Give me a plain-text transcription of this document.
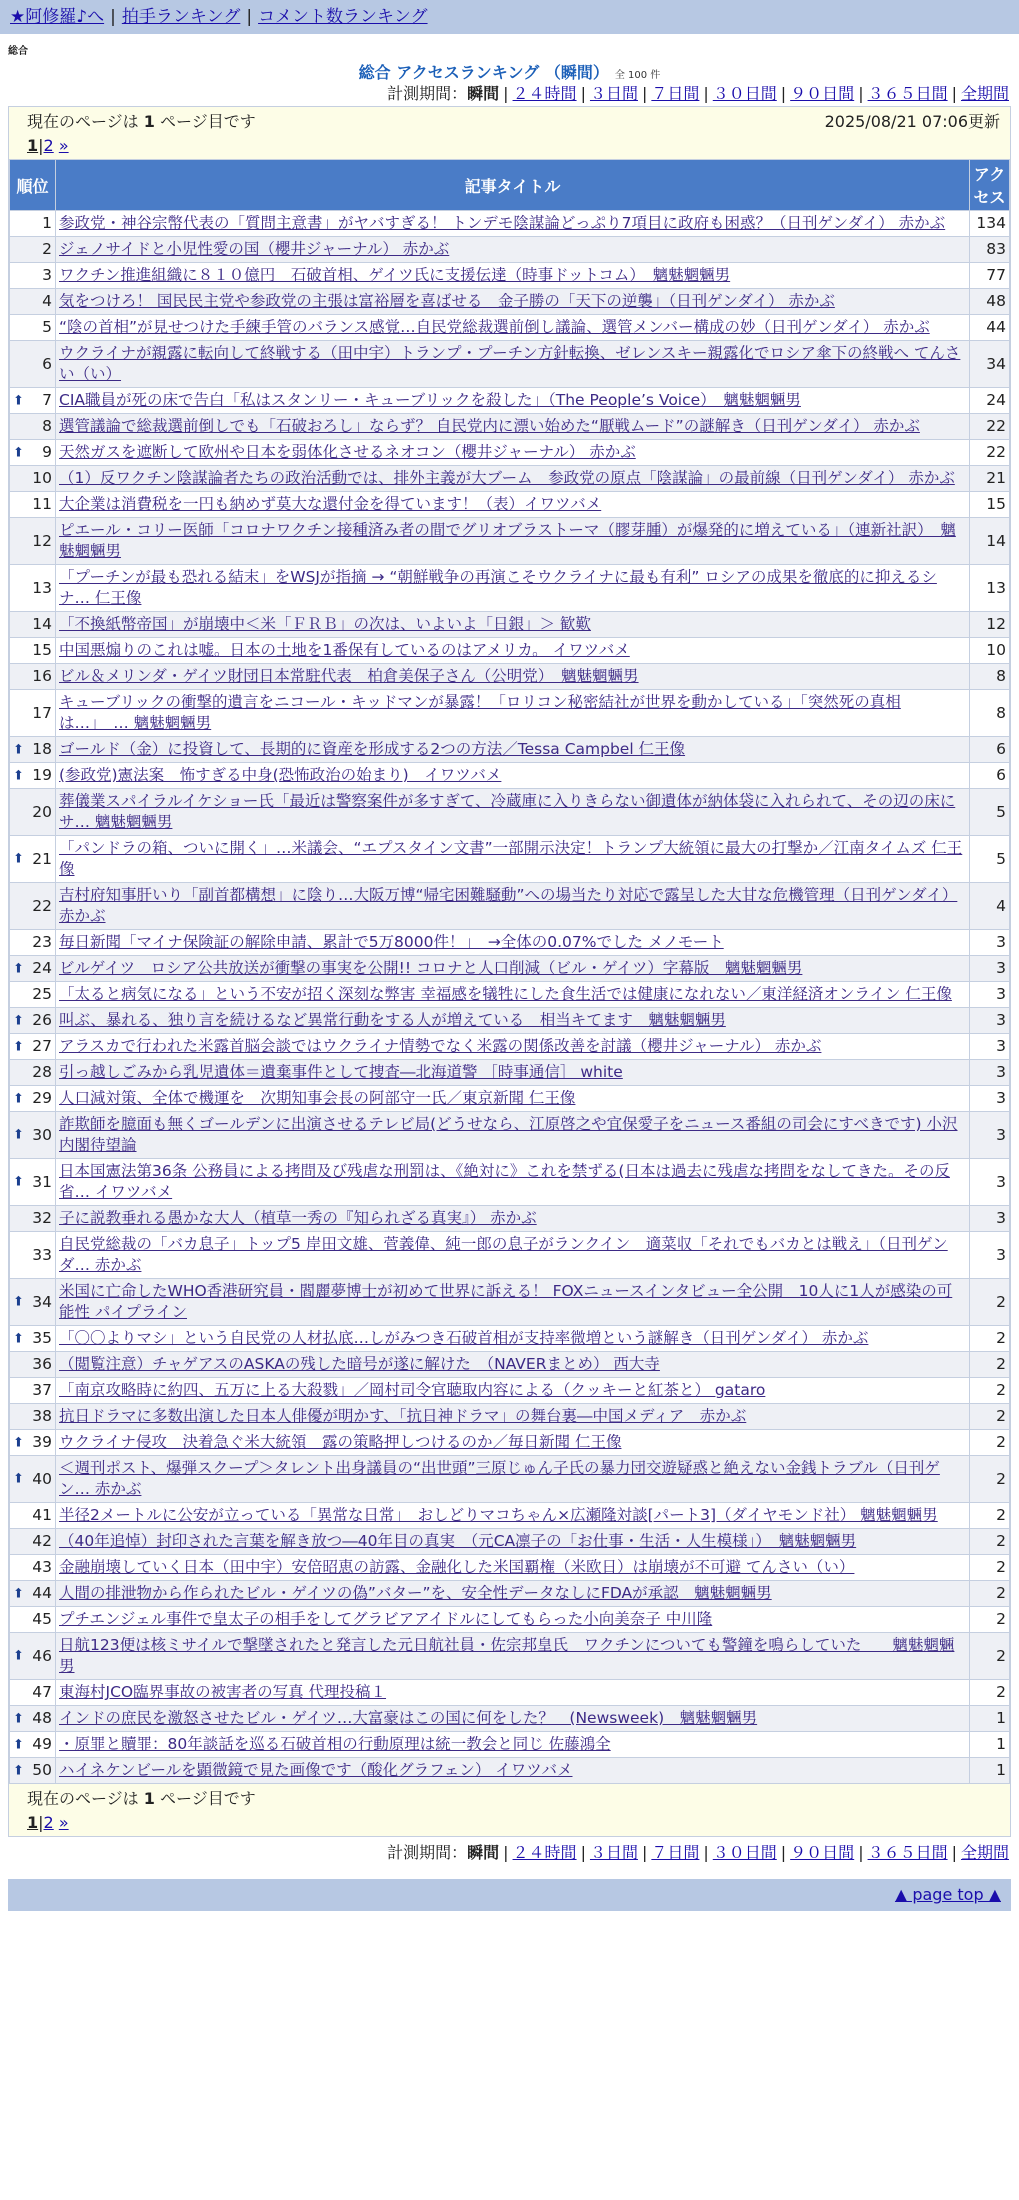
★阿修羅♪へ | 拍手ランキング | コメント数ランキング
総合
総合 アクセスランキング （瞬間） 全 100 件
計測期間：瞬間 | ２４時間 | ３日間 | ７日間 | ３０日間 | ９０日間 | ３６５日間 | 全期間
現在のページは 1 ページ目です	2025/08/21 07:06更新
1|2 »
順位	記事タイトル	アクセス
1	参政党・神谷宗幣代表の「質問主意書」がヤバすぎる！ トンデモ陰謀論どっぷり7項目に政府も困惑？（日刊ゲンダイ） 赤かぶ	134
2	ジェノサイドと小児性愛の国（櫻井ジャーナル） 赤かぶ	83
3	ワクチン推進組織に８１０億円　石破首相、ゲイツ氏に支援伝達（時事ドットコム）　魑魅魍魎男	77
4	気をつけろ！ 国民民主党や参政党の主張は富裕層を喜ばせる　金子勝の「天下の逆襲」（日刊ゲンダイ） 赤かぶ	48
5	“陰の首相”が見せつけた手練手管のバランス感覚…自民党総裁選前倒し議論、選管メンバー構成の妙（日刊ゲンダイ） 赤かぶ	44
6	ウクライナが親露に転向して終戦する（田中宇）トランプ・プーチン方針転換、ゼレンスキー親露化でロシア傘下の終戦へ てんさい（い）	34

⬆ 7	CIA職員が死の床で告白「私はスタンリー・キューブリックを殺した」（The People’s Voice）　魑魅魍魎男	24
8	選管議論で総裁選前倒しでも「石破おろし」ならず？ 自民党内に漂い始めた“厭戦ムード”の謎解き（日刊ゲンダイ） 赤かぶ	22

⬆ 9	天然ガスを遮断して欧州や日本を弱体化させるネオコン（櫻井ジャーナル） 赤かぶ	22
10	（1）反ワクチン陰謀論者たちの政治活動では、排外主義が大ブーム　参政党の原点「陰謀論」の最前線（日刊ゲンダイ） 赤かぶ	21
11	大企業は消費税を一円も納めず莫大な還付金を得ています！（表）イワツバメ	15
12	ピエール・コリー医師「コロナワクチン接種済み者の間でグリオブラストーマ（膠芽腫）が爆発的に増えている」（連新社訳）　魑魅魍魎男	14
13	「プーチンが最も恐れる結末」をWSJが指摘 → “朝鮮戦争の再演こそウクライナに最も有利” ロシアの成果を徹底的に抑えるシナ… 仁王像	13
14	「不換紙幣帝国」が崩壊中＜米「ＦＲＢ」の次は、いよいよ「日銀」＞ 歓歎	12
15	中国悪煽りのこれは嘘。日本の土地を1番保有しているのはアメリカ。 イワツバメ	10
16	ビル＆メリンダ・ゲイツ財団日本常駐代表　柏倉美保子さん（公明党）　魑魅魍魎男	8
17	キューブリックの衝撃的遺言をニコール・キッドマンが暴露！「ロリコン秘密結社が世界を動かしている」「突然死の真相は…」　… 魑魅魍魎男	8

⬆ 18	ゴールド（金）に投資して、長期的に資産を形成する2つの方法／Tessa Campbel 仁王像	6

⬆ 19	(参政党)憲法案　怖すぎる中身(恐怖政治の始まり)　イワツバメ	6
20	葬儀業スパイラルイケショー氏「最近は警察案件が多すぎて、冷蔵庫に入りきらない御遺体が納体袋に入れられて、その辺の床にサ… 魑魅魍魎男	5

⬆ 21	「パンドラの箱、ついに開く」…米議会、“エプスタイン文書”一部開示決定！トランプ大統領に最大の打撃か／江南タイムズ 仁王像	5
22	吉村府知事肝いり「副首都構想」に陰り…大阪万博“帰宅困難騒動”への場当たり対応で露呈した大甘な危機管理（日刊ゲンダイ） 赤かぶ	4
23	毎日新聞「マイナ保険証の解除申請、累計で5万8000件！」　→全体の0.07%でした メノモート	3

⬆ 24	ビルゲイツ　ロシア公共放送が衝撃の事実を公開!! コロナと人口削減（ビル・ゲイツ）字幕版　魑魅魍魎男	3
25	「太ると病気になる」という不安が招く深刻な弊害 幸福感を犠牲にした食生活では健康になれない／東洋経済オンライン 仁王像	3

⬆ 26	叫ぶ、暴れる、独り言を続けるなど異常行動をする人が増えている　相当キてます　魑魅魍魎男	3

⬆ 27	アラスカで行われた米露首脳会談ではウクライナ情勢でなく米露の関係改善を討議（櫻井ジャーナル） 赤かぶ	3
28	引っ越しごみから乳児遺体＝遺棄事件として捜査―北海道警 ［時事通信］ white	3

⬆ 29	人口減対策、全体で機運を　次期知事会長の阿部守一氏／東京新聞 仁王像	3

⬆ 30	詐欺師を臆面も無くゴールデンに出演させるテレビ局(どうせなら、江原啓之や宜保愛子をニュース番組の司会にすべきです) 小沢内閣待望論	3

⬆ 31	日本国憲法第36条 公務員による拷問及び残虐な刑罰は、《絶対に》これを禁ずる(日本は過去に残虐な拷問をなしてきた。その反省… イワツバメ	3
32	子に説教垂れる愚かな大人（植草一秀の『知られざる真実』） 赤かぶ	3
33	自民党総裁の「バカ息子」トップ5 岸田文雄、菅義偉、純一郎の息子がランクイン　適菜収「それでもバカとは戦え」（日刊ゲンダ… 赤かぶ	3

⬆ 34	米国に亡命したWHO香港研究員・閻麗夢博士が初めて世界に訴える！ FOXニュースインタビュー全公開　10人に1人が感染の可能性 パイプライン	2

⬆ 35	「〇〇よりマシ」という自民党の人材払底…しがみつき石破首相が支持率微増という謎解き（日刊ゲンダイ） 赤かぶ	2
36	（閲覧注意）チャゲアスのASKAの残した暗号が遂に解けた　（NAVERまとめ） 西大寺	2
37	「南京攻略時に約四、五万に上る大殺戮」／岡村司令官聴取内容による（クッキーと紅茶と） gataro	2
38	抗日ドラマに多数出演した日本人俳優が明かす、「抗日神ドラマ」の舞台裏―中国メディア　赤かぶ	2

⬆ 39	ウクライナ侵攻　決着急ぐ米大統領　露の策略押しつけるのか／毎日新聞 仁王像	2

⬆ 40	＜週刊ポスト、爆弾スクープ＞タレント出身議員の“出世頭”三原じゅん子氏の暴力団交遊疑惑と絶えない金銭トラブル（日刊ゲン… 赤かぶ	2
41	半径2メートルに公安が立っている「異常な日常」　おしどりマコちゃん×広瀬隆対談[パート3]（ダイヤモンド社） 魑魅魍魎男	2
42	（40年追悼）封印された言葉を解き放つ―40年目の真実　（元CA凛子の「お仕事・生活・人生模様」）　魑魅魍魎男	2
43	金融崩壊していく日本（田中宇）安倍昭恵の訪露、金融化した米国覇権（米欧日）は崩壊が不可避 てんさい（い）	2

⬆ 44	人間の排泄物から作られたビル・ゲイツの偽”バター”を、安全性データなしにFDAが承認　魑魅魍魎男	2
45	プチエンジェル事件で皇太子の相手をしてグラビアアイドルにしてもらった小向美奈子 中川隆	2

⬆ 46	日航123便は核ミサイルで撃墜されたと発言した元日航社員・佐宗邦皇氏　ワクチンについても警鐘を鳴らしていた　　魑魅魍魎男	2
47	東海村JCO臨界事故の被害者の写真 代理投稿１	2

⬆ 48	インドの庶民を激怒させたビル・ゲイツ…大富豪はこの国に何をした？　(Newsweek)　魑魅魍魎男	1

⬆ 49	・原罪と贖罪：80年談話を巡る石破首相の行動原理は統一教会と同じ 佐藤鴻全	1

⬆ 50	ハイネケンビールを顕微鏡で見た画像です（酸化グラフェン） イワツバメ	1
現在のページは 1 ページ目です
1|2 »
計測期間：瞬間 | ２４時間 | ３日間 | ７日間 | ３０日間 | ９０日間 | ３６５日間 | 全期間
▲ page top ▲
